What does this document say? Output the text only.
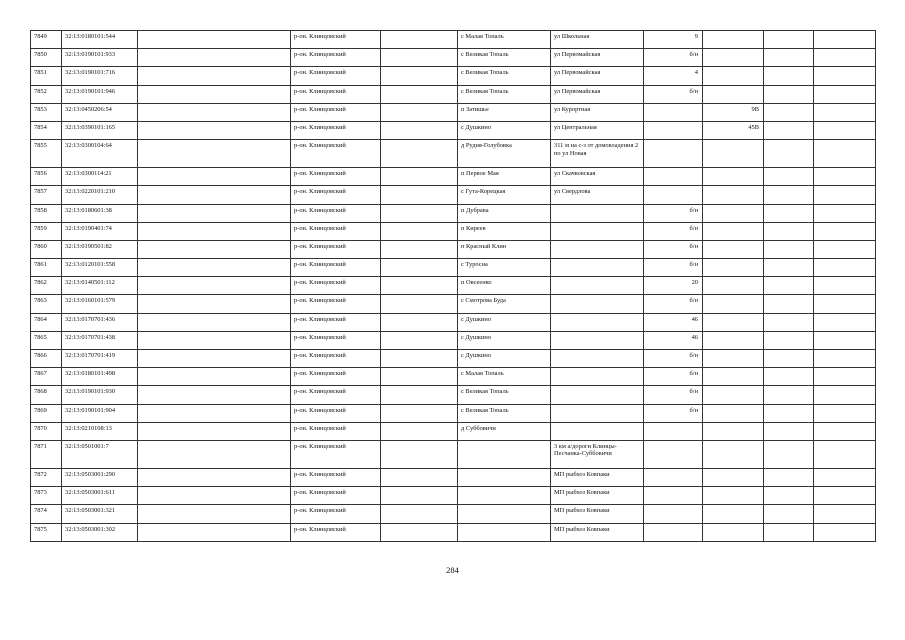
7849	32:13:0180101:544		р-он. Клинцовский		с Малая Топаль	ул Школьная	9			
7850	32:13:0190101:933		р-он. Клинцовский		с Великая Топаль	ул Первомайская	б/н			
7851	32:13:0190101:716		р-он. Клинцовский		с Великая Топаль	ул Первомайская	4			
7852	32:13:0190101:946		р-он. Клинцовский		с Великая Топаль	ул Первомайская	б/н			
7853	32:13:0450206:54		р-он. Клинцовский		п Затишье	ул Курортная		9В		
7854	32:13:0390101:165		р-он. Клинцовский		с Душкино	ул Центральная		45В		
7855	32:13:0300104:64		р-он. Клинцовский		д Рудня-Голубовка	311 м на с-з от домовладения 2 по ул Новая				
7856	32:13:0300114:21		р-он. Клинцовский		п Первое Мая	ул Скачковская				
7857	32:13:0220101:210		р-он. Клинцовский		с Гута-Корецкая	ул Свердлова				
7858	32:13:0180601:38		р-он. Клинцовский		п Дубрава		б/н			
7859	32:13:0190401:74		р-он. Клинцовский		п Киреев		б/н			
7860	32:13:0190501:82		р-он. Клинцовский		п Красный Клин		б/н			
7861	32:13:0120101:558		р-он. Клинцовский		с Туросна		б/н			
7862	32:13:0140501:112		р-он. Клинцовский		п Овсеенко		20			
7863	32:13:0160101:579		р-он. Клинцовский		с Смотрова Буда		б/н			
7864	32:13:0170701:436		р-он. Клинцовский		с Душкино		46			
7865	32:13:0170701:438		р-он. Клинцовский		с Душкино		46			
7866	32:13:0170701:419		р-он. Клинцовский		с Душкино		б/н			
7867	32:13:0180101:498		р-он. Клинцовский		с Малая Топаль		б/н			
7868	32:13:0190101:930		р-он. Клинцовский		с Великая Топаль		б/н			
7869	32:13:0190101:904		р-он. Клинцовский		с Великая Топаль		б/н			
7870	32:13:0210108:13		р-он. Клинцовский		д Суббовичи					
7871	32:13:0501001:7		р-он. Клинцовский			3 км а/дороги Клинцы-Песчанка-Суббовичи				
7872	32:13:0503001:290		р-он. Клинцовский			МП рыбхоз Ковпаки				
7873	32:13:0503001:611		р-он. Клинцовский			МП рыбхоз Ковпаки				
7874	32:13:0503001:321		р-он. Клинцовский			МП рыбхоз Ковпаки				
7875	32:13:0503001:302		р-он. Клинцовский			МП рыбхоз Ковпаки				
284
